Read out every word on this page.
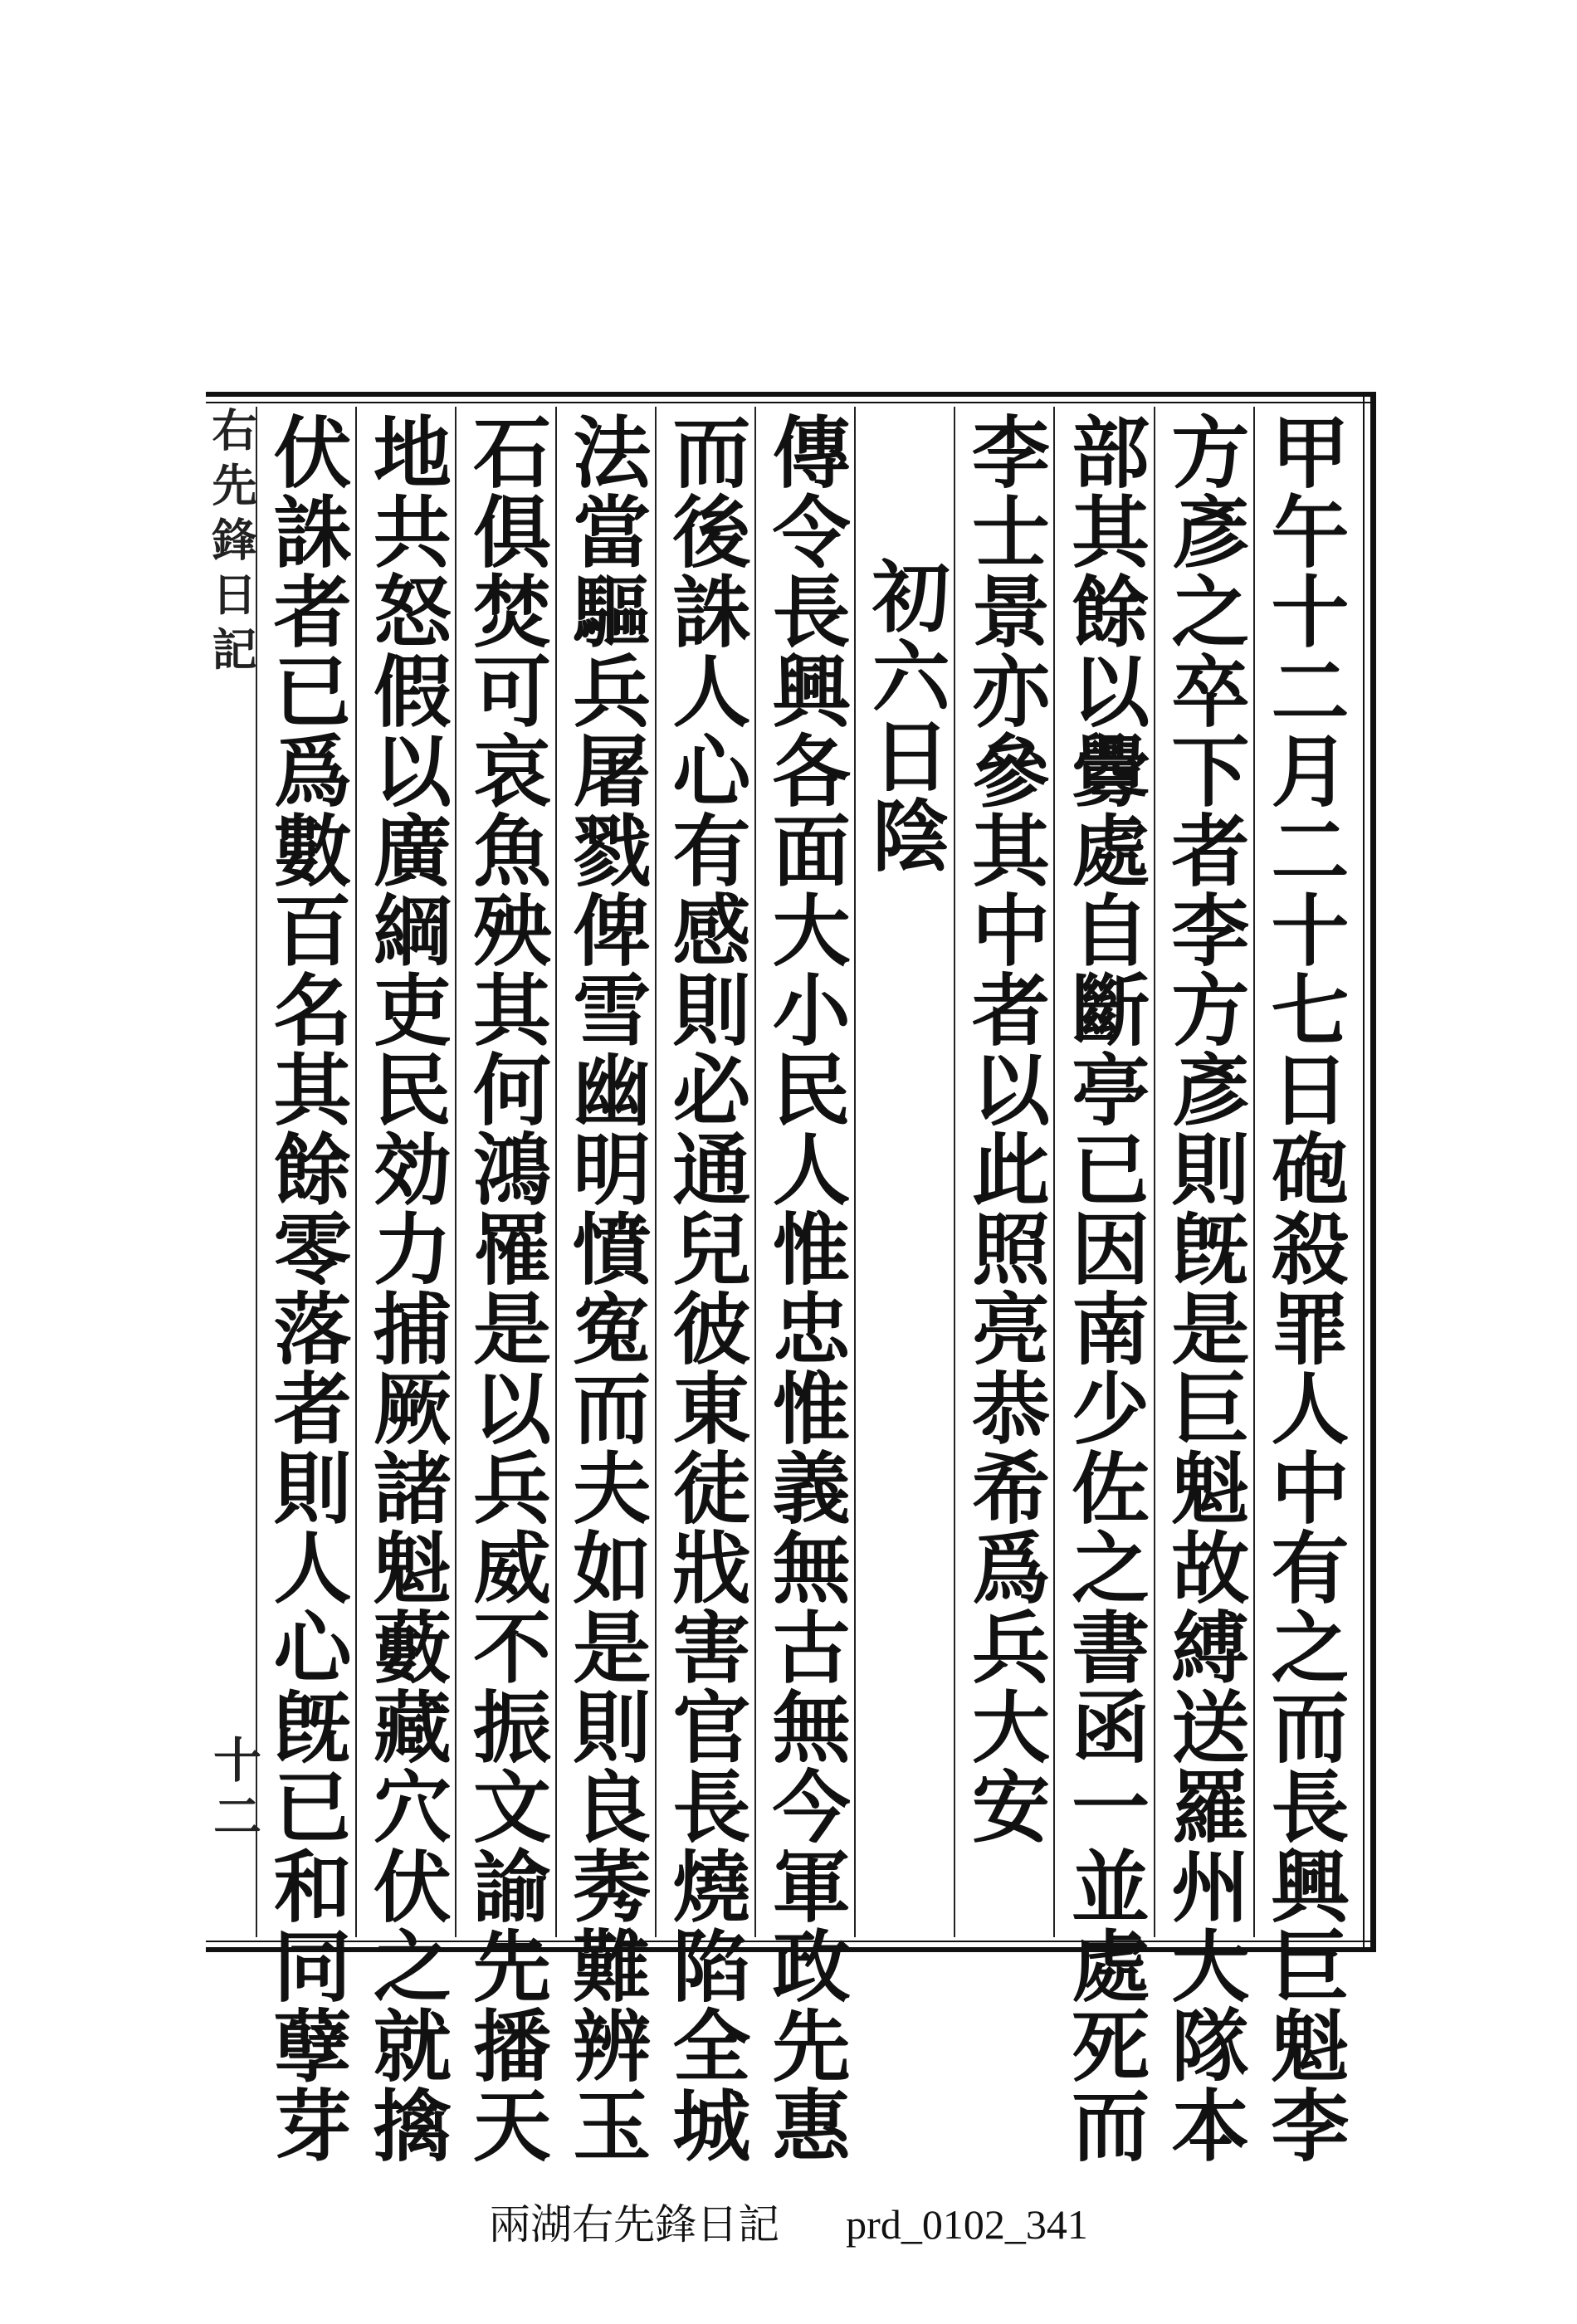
右先鋒日記
十二	甲午十二月二十七日砲殺罪人中有之而長興巨魁李
方彥之卒下者李方彥則旣是巨魁故縛送羅州大隊本
部其餘以釁處自斷亭已因南少佐之書函一並處死而
李士景亦參其中者以此照亮恭希爲兵大安
初六日陰
傳令長興各面大小民人惟忠惟義無古無今軍政先惠
而後誅人心有感則必通兒彼東徒戕害官長燒陷全城
法當驅兵屠戮俾雪幽明憤寃而夫如是則良莠難辨玉
石俱焚可哀魚殃其何鴻罹是以兵威不振文諭先播天
地共怒假以廣綱吏民効力捕厥諸魁藪藏穴伏之就擒
伏誅者已爲數百名其餘零落者則人心旣已和同孽芽
兩湖右先鋒日記 prd_0102_341
